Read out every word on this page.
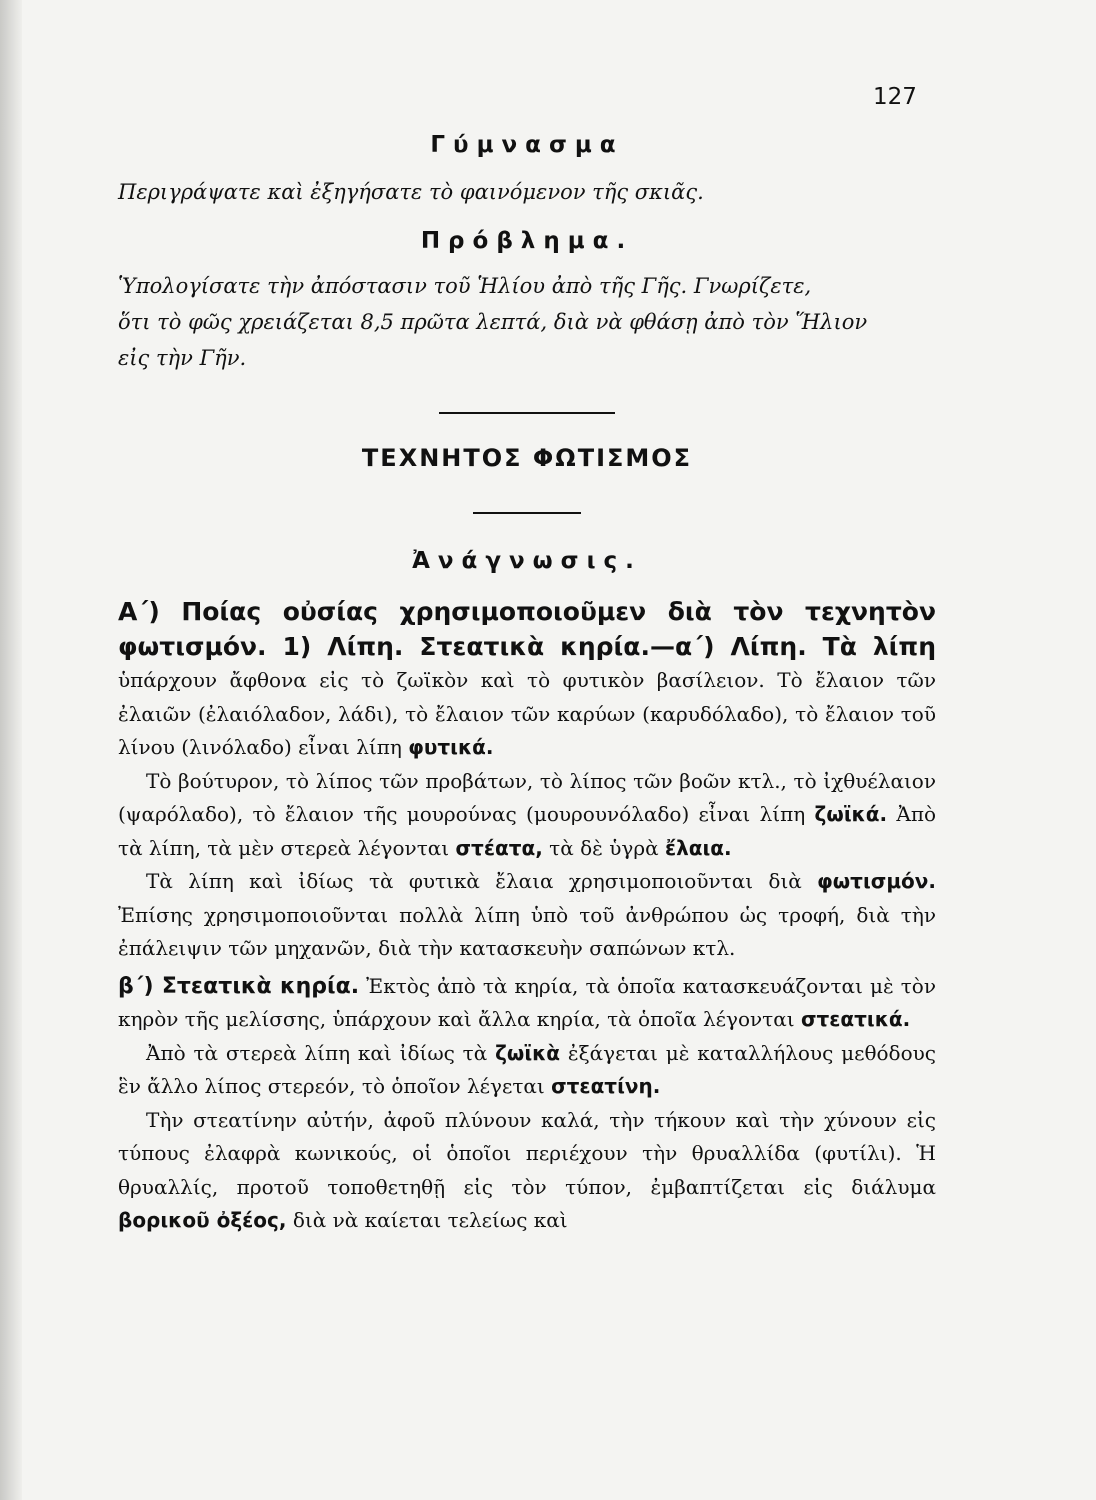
127
Γύμνασμα

Περιγράψατε καὶ ἐξηγήσατε τὸ φαινόμενον τῆς σκιᾶς.

Πρόβλημα.

Ὑπολογίσατε τὴν ἀπόστασιν τοῦ Ἡλίου ἀπὸ τῆς Γῆς. Γνωρίζετε,

ὅτι τὸ φῶς χρειάζεται 8,5 πρῶτα λεπτά, διὰ νὰ φθάσῃ ἀπὸ τὸν Ἥλιον

εἰς τὴν Γῆν.

ΤΕΧΝΗΤΟΣ ΦΩΤΙΣΜΟΣ
Ἀνάγνωσις.

Α΄) Ποίας οὐσίας χρησιμοποιοῦμεν διὰ τὸν τεχνητὸν

φωτισμόν. 1) Λίπη. Στεατικὰ κηρία.—α΄) Λίπη. Τὰ λίπη

ὑπάρχουν ἄφθονα εἰς τὸ ζωϊκὸν καὶ τὸ φυτικὸν βασίλειον. Τὸ ἔλαιον τῶν ἐλαιῶν (ἐλαιόλαδον, λάδι), τὸ ἔλαιον τῶν καρύων (καρυδόλαδο), τὸ ἔλαιον τοῦ λίνου (λινόλαδο) εἶναι λίπη φυτικά.

Τὸ βούτυρον, τὸ λίπος τῶν προβάτων, τὸ λίπος τῶν βοῶν κτλ., τὸ ἰχθυέλαιον (ψαρόλαδο), τὸ ἔλαιον τῆς μουρούνας (μουρουνόλαδο) εἶναι λίπη ζωϊκά. Ἀπὸ τὰ λίπη, τὰ μὲν στερεὰ λέγονται στέατα, τὰ δὲ ὑγρὰ ἔλαια.

Τὰ λίπη καὶ ἰδίως τὰ φυτικὰ ἔλαια χρησιμοποιοῦνται διὰ φωτισμόν. Ἐπίσης χρησιμοποιοῦνται πολλὰ λίπη ὑπὸ τοῦ ἀνθρώπου ὡς τροφή, διὰ τὴν ἐπάλειψιν τῶν μηχανῶν, διὰ τὴν κατασκευὴν σαπώνων κτλ.

β΄) Στεατικὰ κηρία. Ἐκτὸς ἀπὸ τὰ κηρία, τὰ ὁποῖα κατασκευάζονται μὲ τὸν κηρὸν τῆς μελίσσης, ὑπάρχουν καὶ ἄλλα κηρία, τὰ ὁποῖα λέγονται στεατικά.

Ἀπὸ τὰ στερεὰ λίπη καὶ ἰδίως τὰ ζωϊκὰ ἐξάγεται μὲ καταλλήλους μεθόδους ἓν ἄλλο λίπος στερεόν, τὸ ὁποῖον λέγεται στεατίνη.

Τὴν στεατίνην αὐτήν, ἀφοῦ πλύνουν καλά, τὴν τήκουν καὶ τὴν χύνουν εἰς τύπους ἐλαφρὰ κωνικούς, οἱ ὁποῖοι περιέχουν τὴν θρυαλλίδα (φυτίλι). Ἡ θρυαλλίς, προτοῦ τοποθετηθῇ εἰς τὸν τύπον, ἐμβαπτίζεται εἰς διάλυμα βορικοῦ ὀξέος, διὰ νὰ καίεται τελείως καὶ
